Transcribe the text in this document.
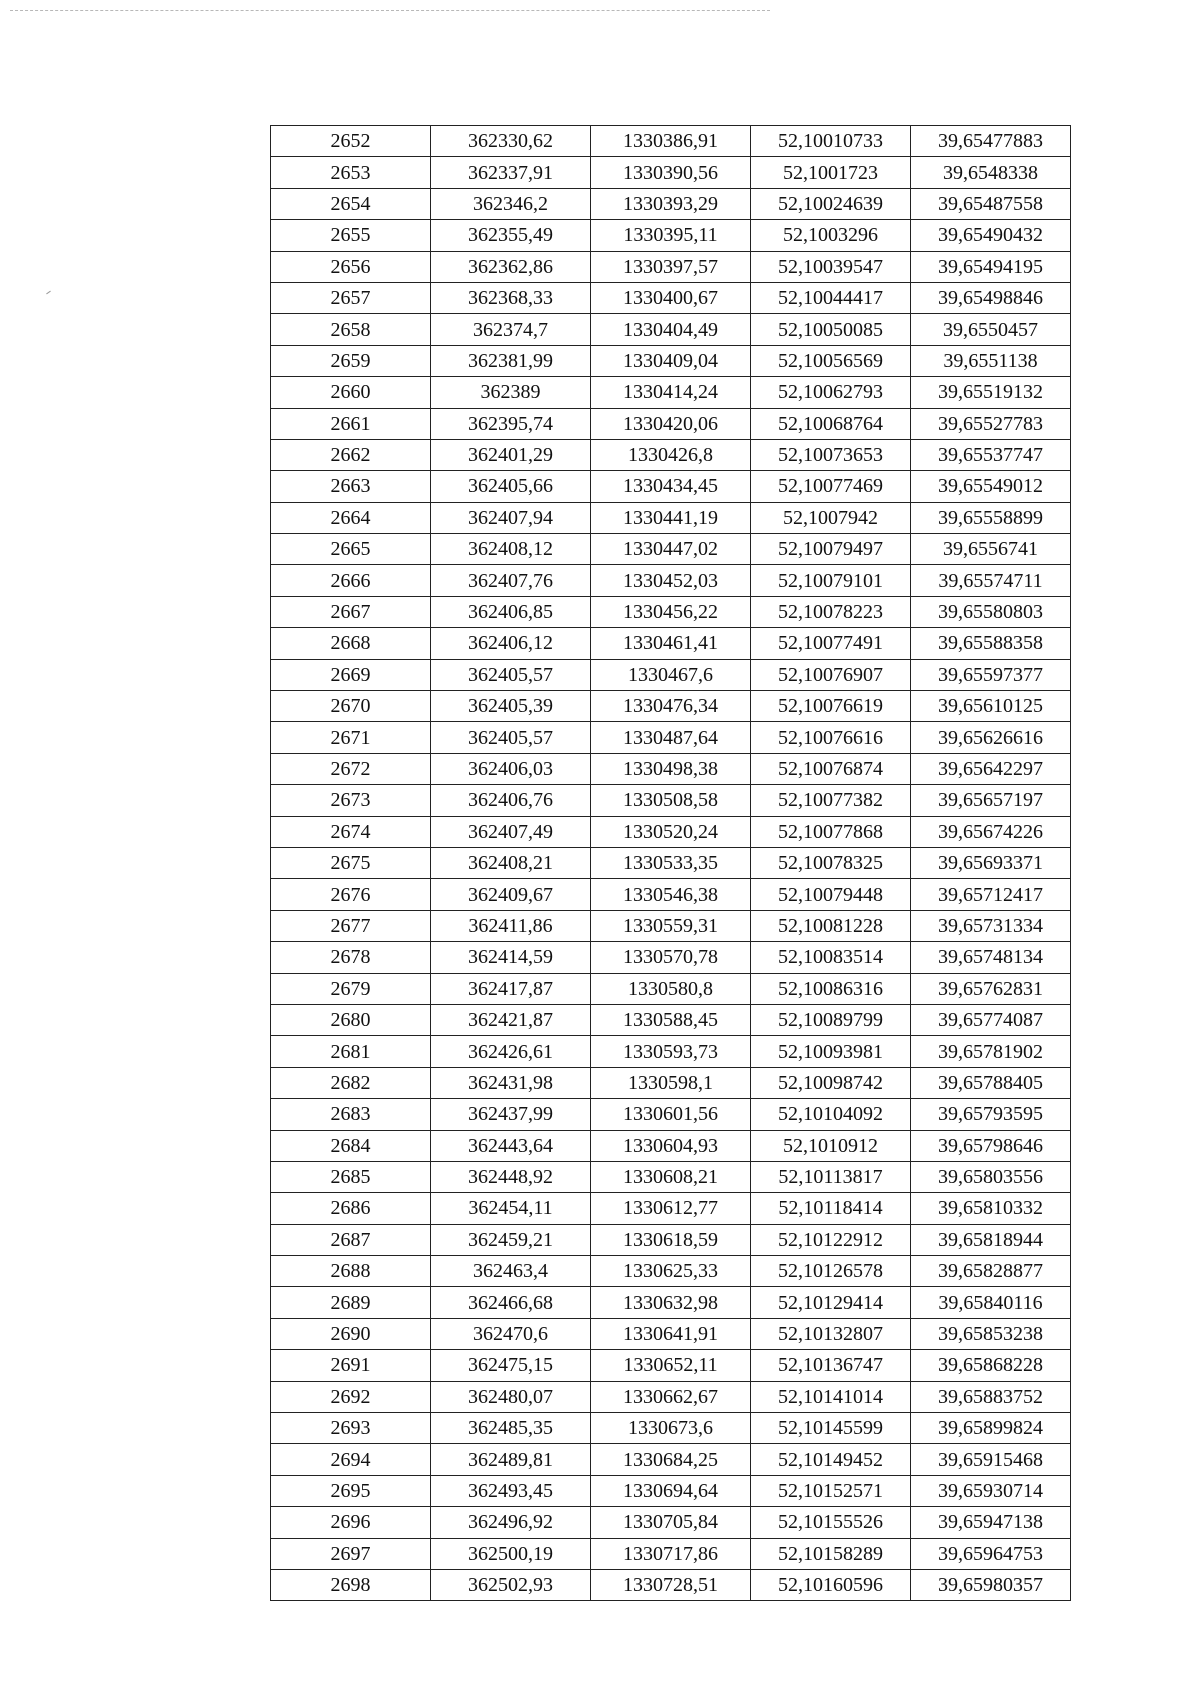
2652	362330,62	1330386,91	52,10010733	39,65477883
2653	362337,91	1330390,56	52,1001723	39,6548338
2654	362346,2	1330393,29	52,10024639	39,65487558
2655	362355,49	1330395,11	52,1003296	39,65490432
2656	362362,86	1330397,57	52,10039547	39,65494195
2657	362368,33	1330400,67	52,10044417	39,65498846
2658	362374,7	1330404,49	52,10050085	39,6550457
2659	362381,99	1330409,04	52,10056569	39,6551138
2660	362389	1330414,24	52,10062793	39,65519132
2661	362395,74	1330420,06	52,10068764	39,65527783
2662	362401,29	1330426,8	52,10073653	39,65537747
2663	362405,66	1330434,45	52,10077469	39,65549012
2664	362407,94	1330441,19	52,1007942	39,65558899
2665	362408,12	1330447,02	52,10079497	39,6556741
2666	362407,76	1330452,03	52,10079101	39,65574711
2667	362406,85	1330456,22	52,10078223	39,65580803
2668	362406,12	1330461,41	52,10077491	39,65588358
2669	362405,57	1330467,6	52,10076907	39,65597377
2670	362405,39	1330476,34	52,10076619	39,65610125
2671	362405,57	1330487,64	52,10076616	39,65626616
2672	362406,03	1330498,38	52,10076874	39,65642297
2673	362406,76	1330508,58	52,10077382	39,65657197
2674	362407,49	1330520,24	52,10077868	39,65674226
2675	362408,21	1330533,35	52,10078325	39,65693371
2676	362409,67	1330546,38	52,10079448	39,65712417
2677	362411,86	1330559,31	52,10081228	39,65731334
2678	362414,59	1330570,78	52,10083514	39,65748134
2679	362417,87	1330580,8	52,10086316	39,65762831
2680	362421,87	1330588,45	52,10089799	39,65774087
2681	362426,61	1330593,73	52,10093981	39,65781902
2682	362431,98	1330598,1	52,10098742	39,65788405
2683	362437,99	1330601,56	52,10104092	39,65793595
2684	362443,64	1330604,93	52,1010912	39,65798646
2685	362448,92	1330608,21	52,10113817	39,65803556
2686	362454,11	1330612,77	52,10118414	39,65810332
2687	362459,21	1330618,59	52,10122912	39,65818944
2688	362463,4	1330625,33	52,10126578	39,65828877
2689	362466,68	1330632,98	52,10129414	39,65840116
2690	362470,6	1330641,91	52,10132807	39,65853238
2691	362475,15	1330652,11	52,10136747	39,65868228
2692	362480,07	1330662,67	52,10141014	39,65883752
2693	362485,35	1330673,6	52,10145599	39,65899824
2694	362489,81	1330684,25	52,10149452	39,65915468
2695	362493,45	1330694,64	52,10152571	39,65930714
2696	362496,92	1330705,84	52,10155526	39,65947138
2697	362500,19	1330717,86	52,10158289	39,65964753
2698	362502,93	1330728,51	52,10160596	39,65980357
